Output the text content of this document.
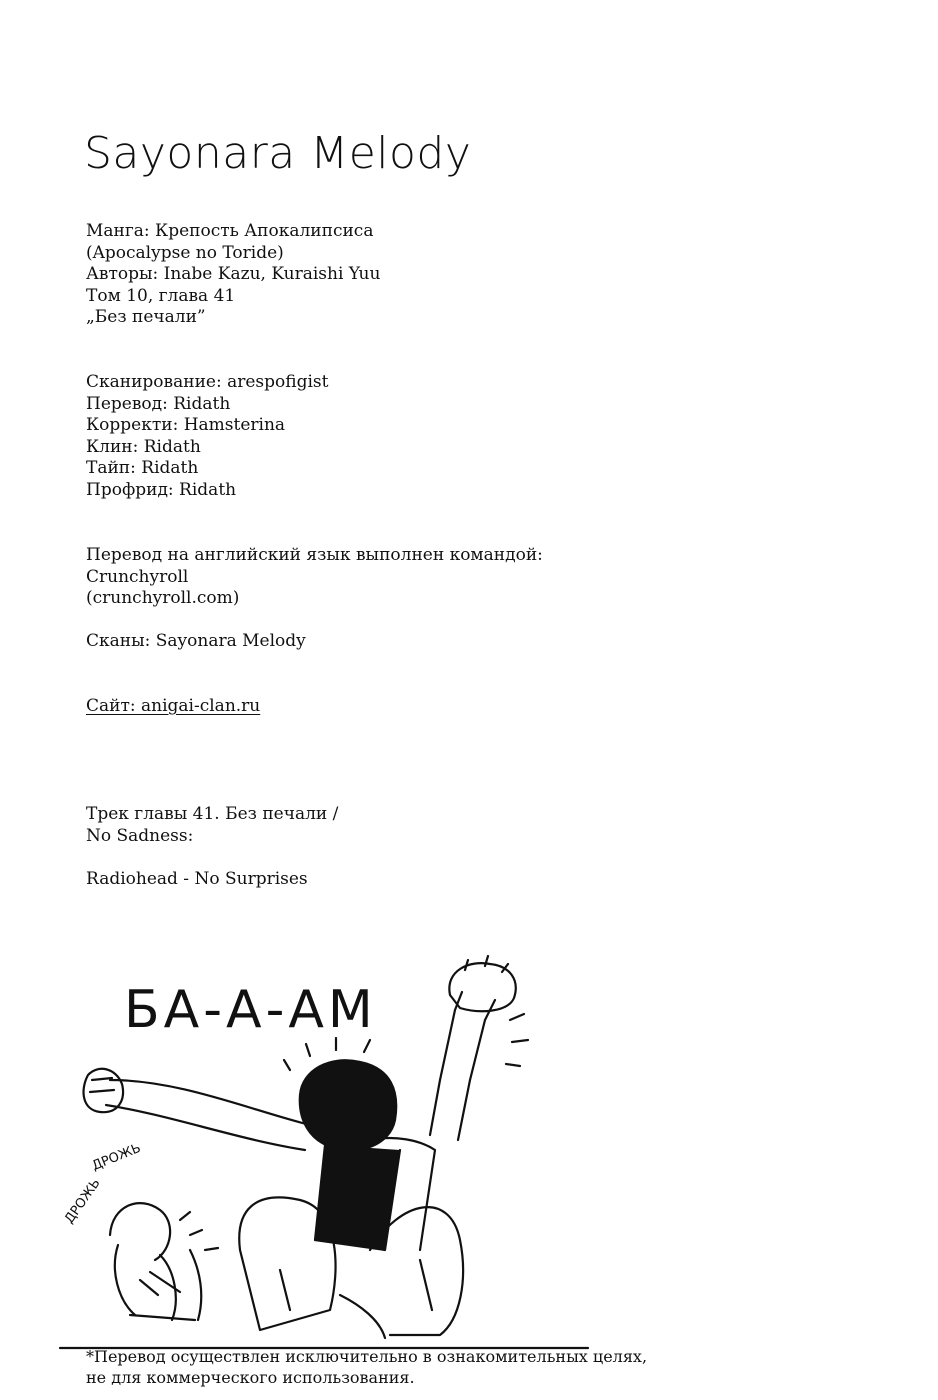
Sayonara Melody
Манга: Крепость Апокалипсиса
(Apocalypse no Toride)
Авторы: Inabe Kazu, Kuraishi Yuu
Том 10, глава 41
„Без печали”
Сканирование: arespofigist
Перевод: Ridath
Корректи: Hamsterina
Клин: Ridath
Тайп: Ridath
Профрид: Ridath
Перевод на английский язык выполнен командой:
Crunchyroll
(crunchyroll.com)
Сканы: Sayonara Melody
Сайт: anigai-clan.ru
Трек главы 41. Без печали /
No Sadness:
Radiohead - No Surprises
БА-А-АМ
ДРОЖЬ
ДРОЖЬ
*Перевод осуществлен исключительно в ознакомительных целях,
не для коммерческого использования.
